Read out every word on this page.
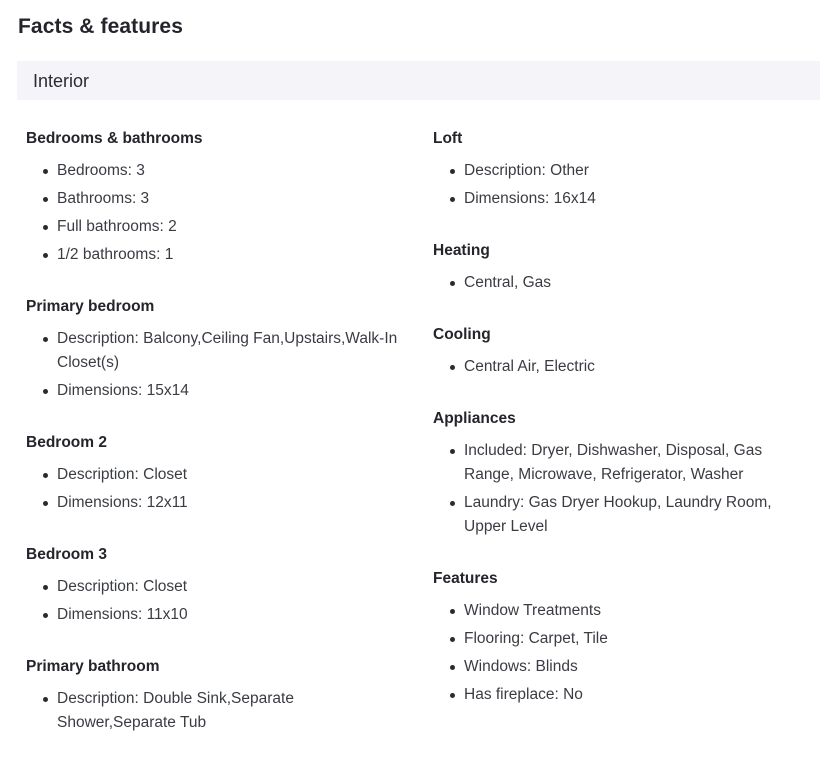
Facts & features
Interior
Bedrooms & bathrooms
Bedrooms: 3
Bathrooms: 3
Full bathrooms: 2
1/2 bathrooms: 1
Primary bedroom
Description: Balcony,Ceiling Fan,Upstairs,Walk-In Closet(s)
Dimensions: 15x14
Bedroom 2
Description: Closet
Dimensions: 12x11
Bedroom 3
Description: Closet
Dimensions: 11x10
Primary bathroom
Description: Double Sink,Separate Shower,Separate Tub
Loft
Description: Other
Dimensions: 16x14
Heating
Central, Gas
Cooling
Central Air, Electric
Appliances
Included: Dryer, Dishwasher, Disposal, Gas Range, Microwave, Refrigerator, Washer
Laundry: Gas Dryer Hookup, Laundry Room, Upper Level
Features
Window Treatments
Flooring: Carpet, Tile
Windows: Blinds
Has fireplace: No
